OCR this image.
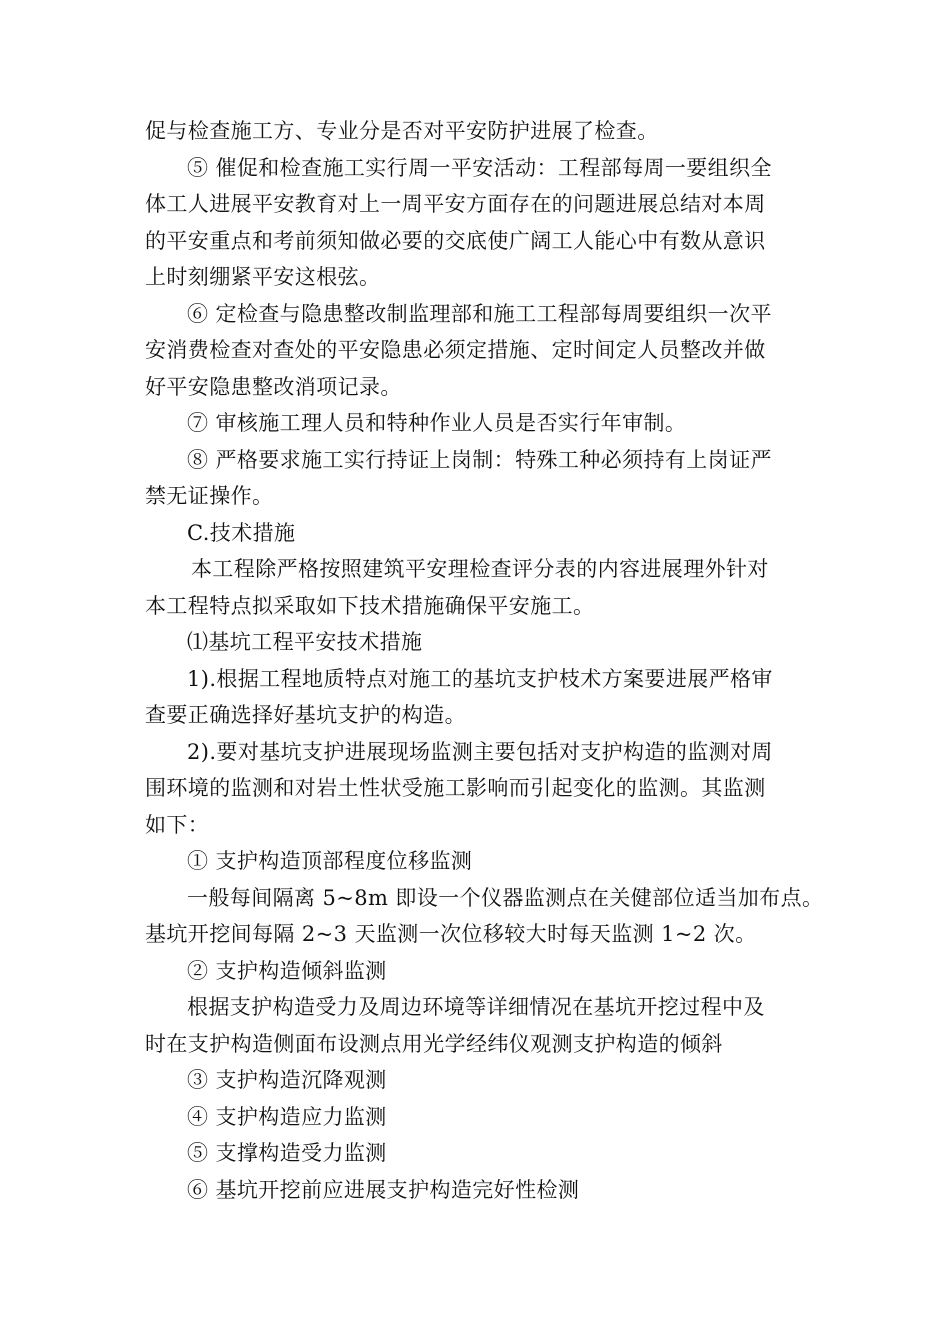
促与检查施工方、专业分是否对平安防护进展了检查。
⑤ 催促和检查施工实行周一平安活动：工程部每周一要组织全
体工人进展平安教育对上一周平安方面存在的问题进展总结对本周
的平安重点和考前须知做必要的交底使广阔工人能心中有数从意识
上时刻绷紧平安这根弦。
⑥ 定检查与隐患整改制监理部和施工工程部每周要组织一次平
安消费检查对查处的平安隐患必须定措施、定时间定人员整改并做
好平安隐患整改消项记录。
⑦ 审核施工理人员和特种作业人员是否实行年审制。
⑧ 严格要求施工实行持证上岗制：特殊工种必须持有上岗证严
禁无证操作。
C.技术措施
本工程除严格按照建筑平安理检查评分表的内容进展理外针对
本工程特点拟采取如下技术措施确保平安施工。
⑴基坑工程平安技术措施
1).根据工程地质特点对施工的基坑支护枝术方案要进展严格审
查要正确选择好基坑支护的构造。
2).要对基坑支护进展现场监测主要包括对支护构造的监测对周
围环境的监测和对岩土性状受施工影响而引起变化的监测。其监测
如下：
① 支护构造顶部程度位移监测
一般每间隔离 5~8m 即设一个仪器监测点在关健部位适当加布点。
基坑开挖间每隔 2~3 天监测一次位移较大时每天监测 1~2 次。
② 支护构造倾斜监测
根据支护构造受力及周边环境等详细情况在基坑开挖过程中及
时在支护构造侧面布设测点用光学经纬仪观测支护构造的倾斜
③ 支护构造沉降观测
④ 支护构造应力监测
⑤ 支撑构造受力监测
⑥ 基坑开挖前应进展支护构造完好性检测
